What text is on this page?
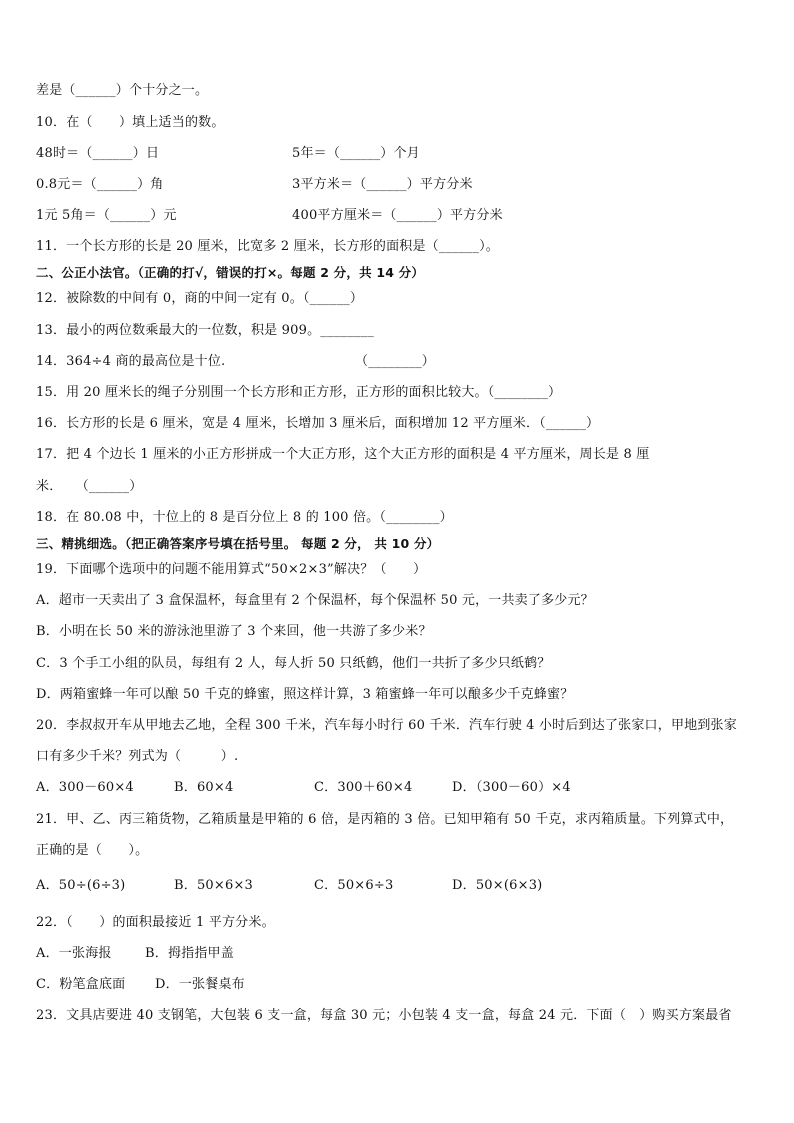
差是（______）个十分之一。
10．在（　　）填上适当的数。
48时＝（______）日	5年＝（______）个月
0.8元＝（______）角	3平方米＝（______）平方分米
1元 5角＝（______）元	400平方厘米＝（______）平方分米
11．一个长方形的长是 20 厘米，比宽多 2 厘米，长方形的面积是（______）。
二、公正小法官。（正确的打√，错误的打×。每题 2 分，共 14 分）
12．被除数的中间有 0，商的中间一定有 0。（______）
13．最小的两位数乘最大的一位数，积是 909。________
14．364÷4 商的最高位是十位.	（________）
15．用 20 厘米长的绳子分别围一个长方形和正方形，正方形的面积比较大。（________）
16．长方形的长是 6 厘米，宽是 4 厘米，长增加 3 厘米后，面积增加 12 平方厘米．（______）
17．把 4 个边长 1 厘米的小正方形拼成一个大正方形，这个大正方形的面积是 4 平方厘米，周长是 8 厘
米．　　（______）
18．在 80.08 中，十位上的 8 是百分位上 8 的 100 倍。（________）
三、精挑细选。（把正确答案序号填在括号里。 每题 2 分， 共 10 分）
19．下面哪个选项中的问题不能用算式“50×2×3”解决？（　　）
A．超市一天卖出了 3 盒保温杯，每盒里有 2 个保温杯，每个保温杯 50 元，一共卖了多少元？
B．小明在长 50 米的游泳池里游了 3 个来回，他一共游了多少米？
C．3 个手工小组的队员，每组有 2 人，每人折 50 只纸鹤，他们一共折了多少只纸鹤？
D．两箱蜜蜂一年可以酿 50 千克的蜂蜜，照这样计算，3 箱蜜蜂一年可以酿多少千克蜂蜜？
20．李叔叔开车从甲地去乙地，全程 300 千米，汽车每小时行 60 千米．汽车行驶 4 小时后到达了张家口，甲地到张家
口有多少千米？列式为（　　　）.
A．300－60×4	B．60×4	C．300＋60×4	D．（300－60）×4
21．甲、乙、丙三箱货物，乙箱质量是甲箱的 6 倍，是丙箱的 3 倍。已知甲箱有 50 千克，求丙箱质量。下列算式中，
正确的是（　　）。
A．50÷(6÷3)	B．50×6×3	C．50×6÷3	D．50×(6×3)
22．（　　）的面积最接近 1 平方分米。
A．一张海报	B．拇指指甲盖
C．粉笔盒底面 D．一张餐桌布
23．文具店要进 40 支钢笔，大包装 6 支一盒，每盒 30 元；小包装 4 支一盒，每盒 24 元．下面（　）购买方案最省
